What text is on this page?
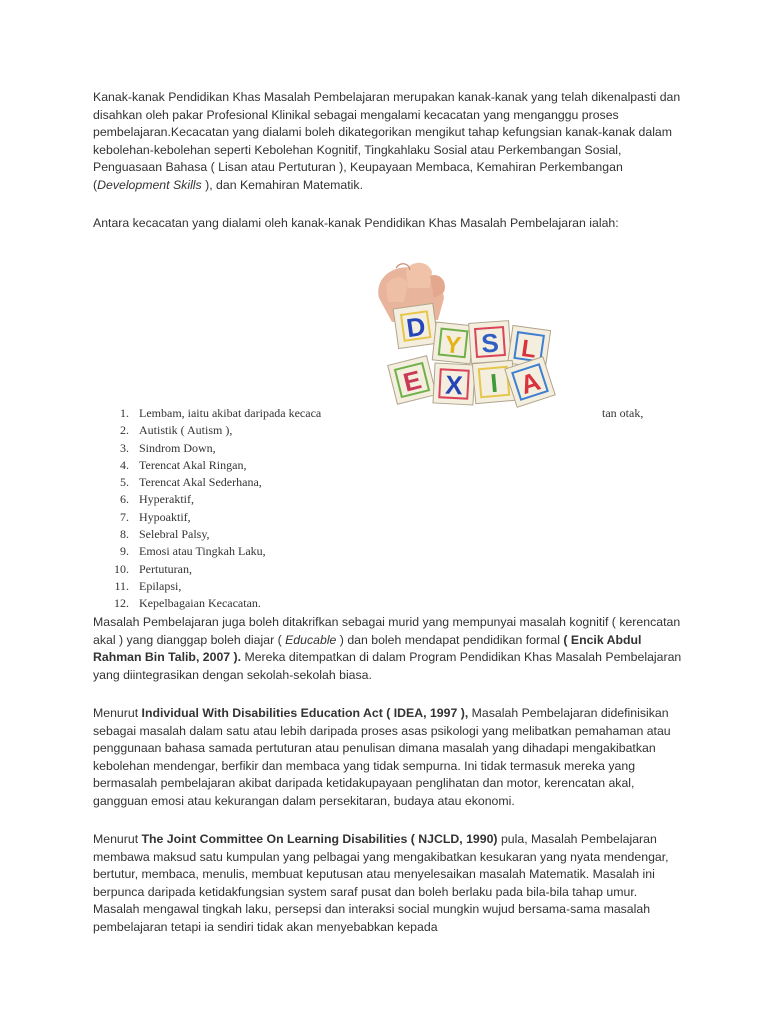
Kanak-kanak Pendidikan Khas Masalah Pembelajaran merupakan kanak-kanak yang telah dikenalpasti dan disahkan oleh pakar Profesional Klinikal sebagai mengalami kecacatan yang menganggu proses pembelajaran.Kecacatan yang dialami boleh dikategorikan mengikut tahap kefungsian kanak-kanak dalam kebolehan-kebolehan seperti Kebolehan Kognitif, Tingkahlaku Sosial atau Perkembangan Sosial, Penguasaan Bahasa ( Lisan atau Pertuturan ), Keupayaan Membaca, Kemahiran Perkembangan (Development Skills ), dan Kemahiran Matematik.

Antara kecacatan yang dialami oleh kanak-kanak Pendidikan Khas Masalah Pembelajaran ialah:

D
Y S L
E X I A
1. Lembam, iaitu akibat daripada kecaca	tan otak,
2. Autistik ( Autism ),
3. Sindrom Down,
4. Terencat Akal Ringan,
5. Terencat Akal Sederhana,
6. Hyperaktif,
7. Hypoaktif,
8. Selebral Palsy,
9. Emosi atau Tingkah Laku,
10. Pertuturan,
11. Epilapsi,
12. Kepelbagaian Kecacatan.

Masalah Pembelajaran juga boleh ditakrifkan sebagai murid yang mempunyai masalah kognitif ( kerencatan akal ) yang dianggap boleh diajar ( Educable ) dan boleh mendapat pendidikan formal ( Encik Abdul Rahman Bin Talib, 2007 ). Mereka ditempatkan di dalam Program Pendidikan Khas Masalah Pembelajaran yang diintegrasikan dengan sekolah-sekolah biasa.

Menurut Individual With Disabilities Education Act ( IDEA, 1997 ), Masalah Pembelajaran didefinisikan sebagai masalah dalam satu atau lebih daripada proses asas psikologi yang melibatkan pemahaman atau penggunaan bahasa samada pertuturan atau penulisan dimana masalah yang dihadapi mengakibatkan kebolehan mendengar, berfikir dan membaca yang tidak sempurna. Ini tidak termasuk mereka yang bermasalah pembelajaran akibat daripada ketidakupayaan penglihatan dan motor, kerencatan akal, gangguan emosi atau kekurangan dalam persekitaran, budaya atau ekonomi.

Menurut The Joint Committee On Learning Disabilities ( NJCLD, 1990) pula, Masalah Pembelajaran membawa maksud satu kumpulan yang pelbagai yang mengakibatkan kesukaran yang nyata mendengar, bertutur, membaca, menulis, membuat keputusan atau menyelesaikan masalah Matematik. Masalah ini berpunca daripada ketidakfungsian system saraf pusat dan boleh berlaku pada bila-bila tahap umur. Masalah mengawal tingkah laku, persepsi dan interaksi social mungkin wujud bersama-sama masalah pembelajaran tetapi ia sendiri tidak akan menyebabkan kepada
